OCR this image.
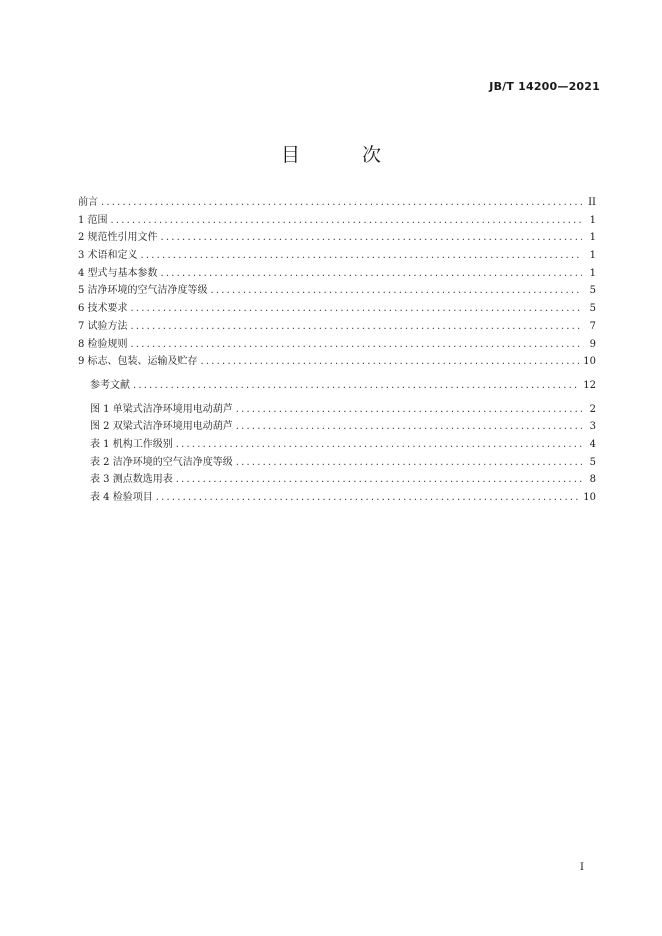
JB/T 14200—2021
目 次
前言 .....	II
1 范围 .....	1
2 规范性引用文件 .....	1
3 术语和定义 .....	1
4 型式与基本参数 .....	1
5 洁净环境的空气洁净度等级 .....	5
6 技术要求 .....	5
7 试验方法 .....	7
8 检验规则 .....	9
9 标志、包装、运输及贮存 .....	10
参考文献 .....	12
图 1 单梁式洁净环境用电动葫芦 .....	2
图 2 双梁式洁净环境用电动葫芦 .....	3
表 1 机构工作级别 .....	4
表 2 洁净环境的空气洁净度等级 .....	5
表 3 测点数选用表 .....	8
表 4 检验项目 .....	10
I
